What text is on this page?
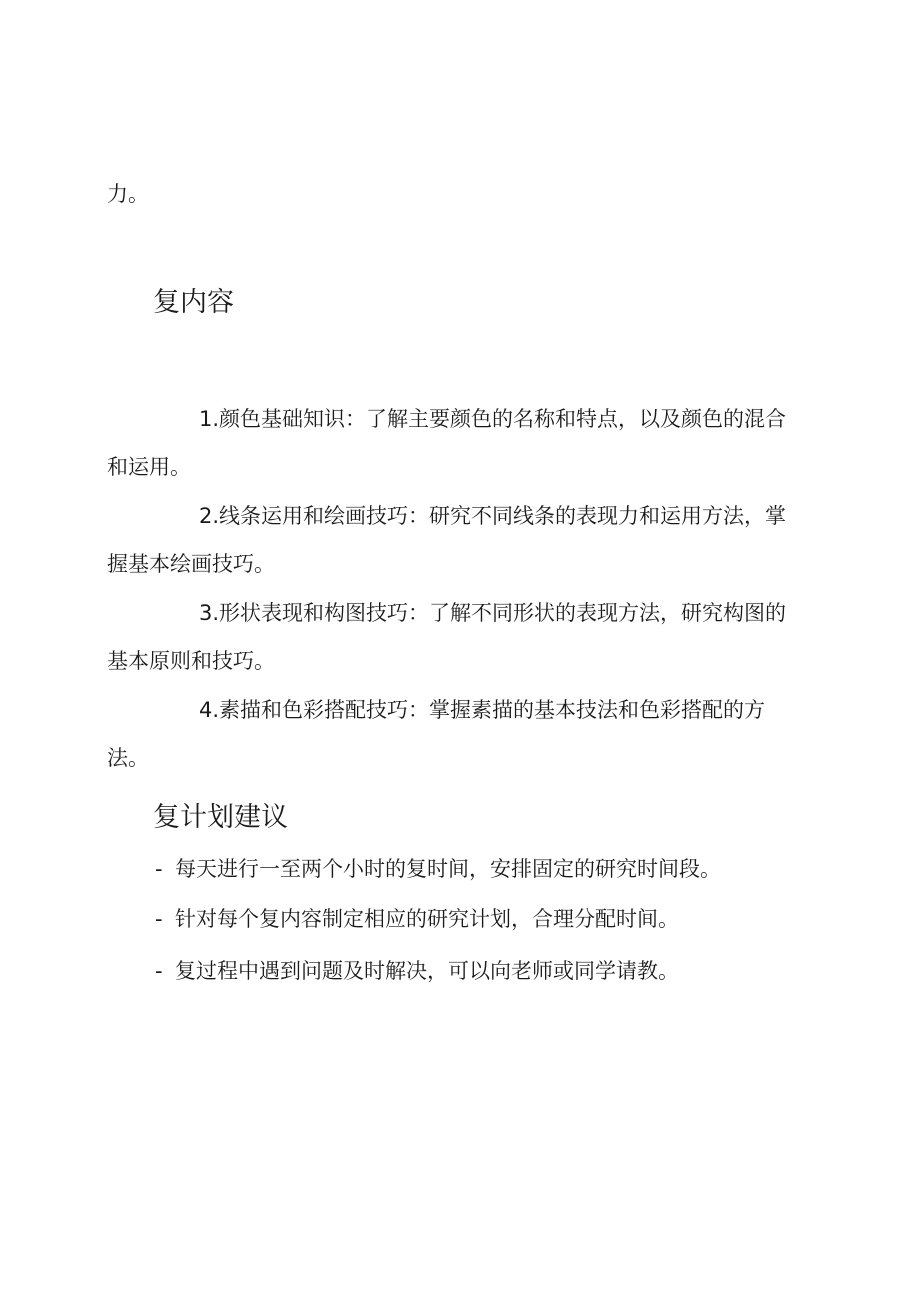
力。
复内容
1.颜色基础知识：了解主要颜色的名称和特点，以及颜色的混合和运用。
2.线条运用和绘画技巧：研究不同线条的表现力和运用方法，掌握基本绘画技巧。
3.形状表现和构图技巧：了解不同形状的表现方法，研究构图的基本原则和技巧。
4.素描和色彩搭配技巧：掌握素描的基本技法和色彩搭配的方法。
复计划建议
- 每天进行一至两个小时的复时间，安排固定的研究时间段。
- 针对每个复内容制定相应的研究计划，合理分配时间。
- 复过程中遇到问题及时解决，可以向老师或同学请教。
